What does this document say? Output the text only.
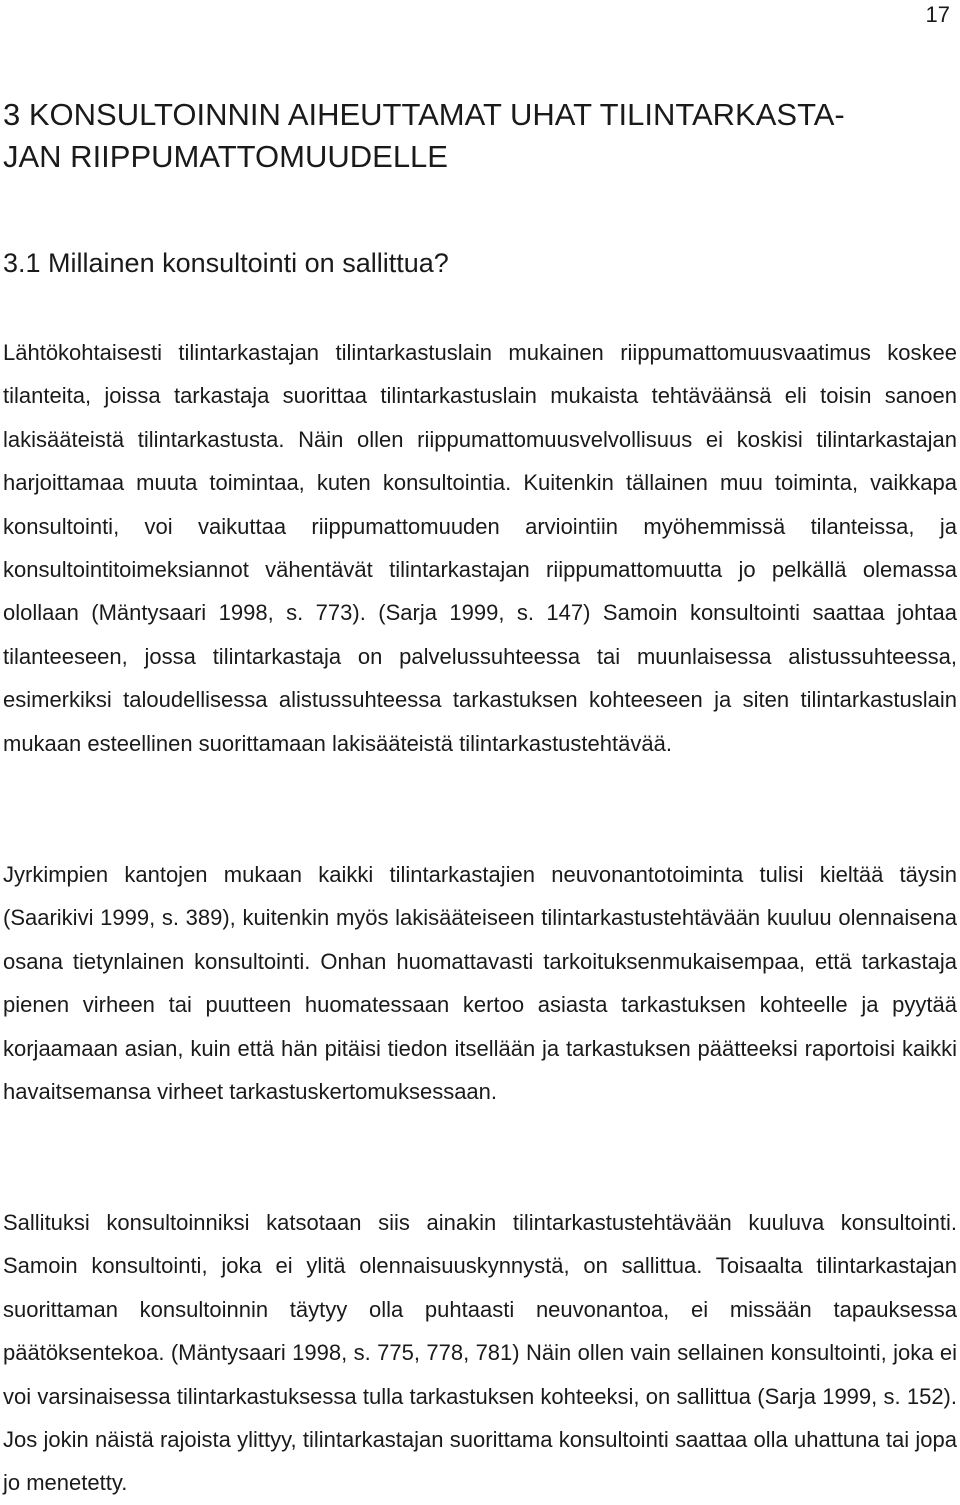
17
3 KONSULTOINNIN AIHEUTTAMAT UHAT TILINTARKASTA-
JAN RIIPPUMATTOMUUDELLE
3.1 Millainen konsultointi on sallittua?

Lähtökohtaisesti tilintarkastajan tilintarkastuslain mukainen riippumattomuusvaatimus koskee tilanteita, joissa tarkastaja suorittaa tilintarkastuslain mukaista tehtäväänsä eli toisin sanoen lakisääteistä tilintarkastusta. Näin ollen riippumattomuusvelvollisuus ei koskisi tilintarkastajan harjoittamaa muuta toimintaa, kuten konsultointia. Kuitenkin tällainen muu toiminta, vaikkapa konsultointi, voi vaikuttaa riippumattomuuden arviointiin myöhemmissä tilanteissa, ja konsultointitoimeksiannot vähentävät tilintarkastajan riippumattomuutta jo pelkällä olemassa olollaan (Mäntysaari 1998, s. 773). (Sarja 1999, s. 147) Samoin konsultointi saattaa johtaa tilanteeseen, jossa tilintarkastaja on palvelussuhteessa tai muunlaisessa alistussuhteessa, esimerkiksi taloudellisessa alistussuhteessa tarkastuksen kohteeseen ja siten tilintarkastuslain mukaan esteellinen suorittamaan lakisääteistä tilintarkastustehtävää.

Jyrkimpien kantojen mukaan kaikki tilintarkastajien neuvonantotoiminta tulisi kieltää täysin (Saarikivi 1999, s. 389), kuitenkin myös lakisääteiseen tilintarkastustehtävään kuuluu olennaisena osana tietynlainen konsultointi. Onhan huomattavasti tarkoituksenmukaisempaa, että tarkastaja pienen virheen tai puutteen huomatessaan kertoo asiasta tarkastuksen kohteelle ja pyytää korjaamaan asian, kuin että hän pitäisi tiedon itsellään ja tarkastuksen päätteeksi raportoisi kaikki havaitsemansa virheet tarkastuskertomuksessaan.

Sallituksi konsultoinniksi katsotaan siis ainakin tilintarkastustehtävään kuuluva konsultointi. Samoin konsultointi, joka ei ylitä olennaisuuskynnystä, on sallittua. Toisaalta tilintarkastajan suorittaman konsultoinnin täytyy olla puhtaasti neuvonantoa, ei missään tapauksessa päätöksentekoa. (Mäntysaari 1998, s. 775, 778, 781) Näin ollen vain sellainen konsultointi, joka ei voi varsinaisessa tilintarkastuksessa tulla tarkastuksen kohteeksi, on sallittua (Sarja 1999, s. 152). Jos jokin näistä rajoista ylittyy, tilintarkastajan suorittama konsultointi saattaa olla uhattuna tai jopa jo menetetty.
